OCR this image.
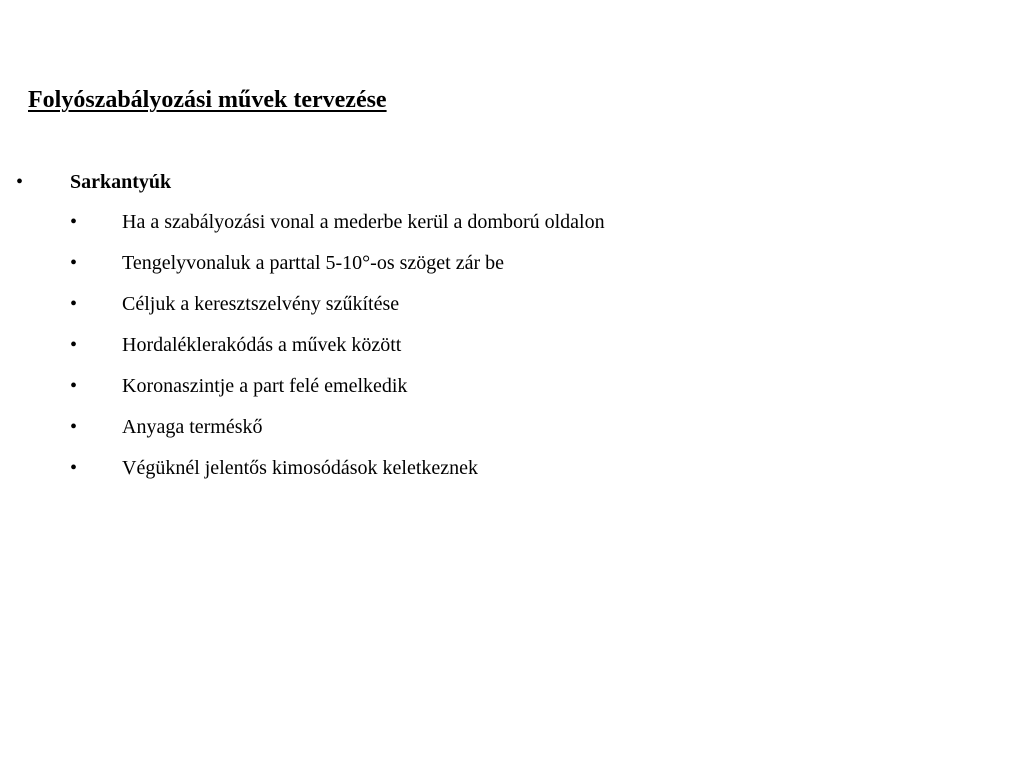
Folyószabályozási művek tervezése
• Sarkantyúk
• Ha a szabályozási vonal a mederbe kerül a domború oldalon
• Tengelyvonaluk a parttal 5-10°-os szöget zár be
• Céljuk a keresztszelvény szűkítése
• Hordaléklerakódás a művek között
• Koronaszintje a part felé emelkedik
• Anyaga terméskő
• Végüknél jelentős kimosódások keletkeznek
